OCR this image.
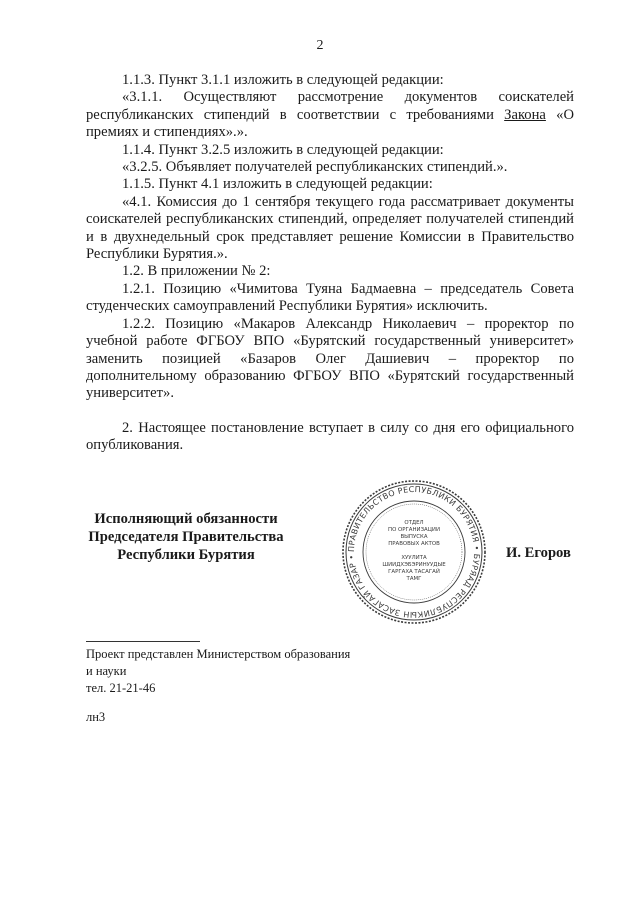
2

1.1.3. Пункт 3.1.1 изложить в следующей редакции:

«3.1.1. Осуществляют рассмотрение документов соискателей республиканских стипендий в соответствии с требованиями Закона «О премиях и стипендиях».».

1.1.4. Пункт 3.2.5 изложить в следующей редакции:

«3.2.5. Объявляет получателей республиканских стипендий.».

1.1.5. Пункт 4.1 изложить в следующей редакции:

«4.1. Комиссия до 1 сентября текущего года рассматривает документы соискателей республиканских стипендий, определяет получателей стипендий и в двухнедельный срок представляет решение Комиссии в Правительство Республики Бурятия.».

1.2. В приложении № 2:

1.2.1. Позицию «Чимитова Туяна Бадмаевна – председатель Совета студенческих самоуправлений Республики Бурятия» исключить.

1.2.2. Позицию «Макаров Александр Николаевич – проректор по учебной работе ФГБОУ ВПО «Бурятский государственный университет» заменить позицией «Базаров Олег Дашиевич – проректор по дополнительному образованию ФГБОУ ВПО «Бурятский государственный университет».

2. Настоящее постановление вступает в силу со дня его официального опубликования.

Исполняющий обязанности
Председателя Правительства
Республики Бурятия	ПРАВИТЕЛЬСТВО РЕСПУБЛИКИ БУРЯТИЯ • БУРЯАД РЕСПУБЛИКЫН ЗАСАГАЙ ГАЗАР •
ОТДЕЛ
ПО ОРГАНИЗАЦИИ
ВЫПУСКА
ПРАВОВЫХ АКТОВ
ХУУЛИТА
ШИИДХЭБЭРИНУУДЫЕ
ГАРГАХА ТАСАГАЙ
ТАМГ
И. Егоров
Проект представлен Министерством образования
и науки
тел. 21-21-46
лн3
